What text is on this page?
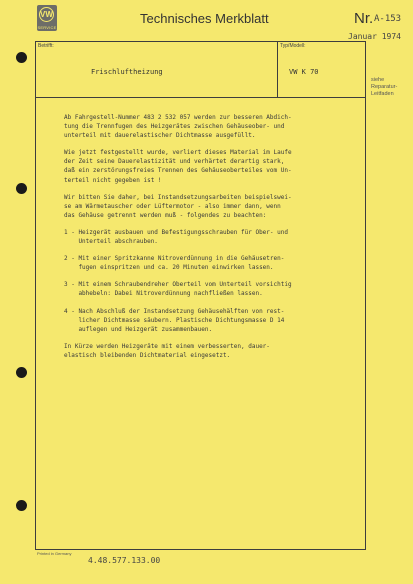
VW
SERVICE
Technisches Merkblatt	Nr. A-153
Januar 1974
Betrifft:
Frischluftheizung
Typ/Modell:
VW K 70
siehe Reparatur-Leitfaden

Ab Fahrgestell-Nummer 483 2 532 057 werden zur besseren Abdich-
tung die Trennfugen des Heizgerätes zwischen Gehäuseober- und
unterteil mit dauerelastischer Dichtmasse ausgefüllt.

Wie jetzt festgestellt wurde, verliert dieses Material im Laufe
der Zeit seine Dauerelastizität und verhärtet derartig stark,
daß ein zerstörungsfreies Trennen des Gehäuseoberteiles vom Un-
terteil nicht gegeben ist !

Wir bitten Sie daher, bei Instandsetzungsarbeiten beispielswei-
se am Wärmetauscher oder Lüftermotor - also immer dann, wenn
das Gehäuse getrennt werden muß - folgendes zu beachten:

1 - Heizgerät ausbauen und Befestigungsschrauben für Ober- und
Unterteil abschrauben.

2 - Mit einer Spritzkanne Nitroverdünnung in die Gehäusetren-
fugen einspritzen und ca. 20 Minuten einwirken lassen.

3 - Mit einem Schraubendreher Oberteil vom Unterteil vorsichtig
abhebeln: Dabei Nitroverdünnung nachfließen lassen.

4 - Nach Abschluß der Instandsetzung Gehäusehälften von rest-
licher Dichtmasse säubern. Plastische Dichtungsmasse D 14
auflegen und Heizgerät zusammenbauen.

In Kürze werden Heizgeräte mit einem verbesserten, dauer-
elastisch bleibenden Dichtmaterial eingesetzt.

Printed in Germany
4.48.577.133.00
